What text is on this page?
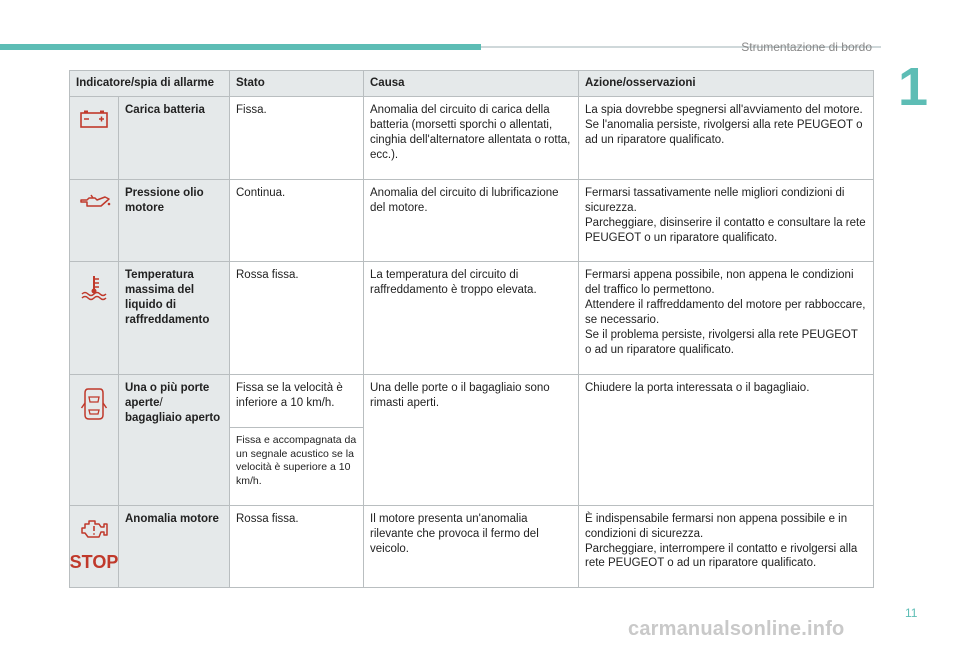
Strumentazione di bordo
1
Indicatore/spia di allarme		Stato	Causa	Azione/osservazioni

	Carica batteria	Fissa.	Anomalia del circuito di carica della batteria (morsetti sporchi o allentati, cinghia dell'alternatore allentata o rotta, ecc.).	La spia dovrebbe spegnersi all'avviamento del motore.
Se l'anomalia persiste, rivolgersi alla rete PEUGEOT o ad un riparatore qualificato.

	Pressione olio motore	Continua.	Anomalia del circuito di lubrificazione del motore.	Fermarsi tassativamente nelle migliori condizioni di sicurezza.
Parcheggiare, disinserire il contatto e consultare la rete PEUGEOT o un riparatore qualificato.

	Temperatura massima del liquido di raffreddamento	Rossa fissa.	La temperatura del circuito di raffreddamento è troppo elevata.	Fermarsi appena possibile, non appena le condizioni del traffico lo permettono.
Attendere il raffreddamento del motore per rabboccare, se necessario.
Se il problema persiste, rivolgersi alla rete PEUGEOT o ad un riparatore qualificato.

	Una o più porte aperte/
bagagliaio aperto	Fissa se la velocità è inferiore a 10 km/h.	Una delle porte o il bagagliaio sono rimasti aperti.	Chiudere la porta interessata o il bagagliaio.
		Fissa e accompagnata da un segnale acustico se la velocità è superiore a 10 km/h.		

STOP	Anomalia motore	Rossa fissa.	Il motore presenta un'anomalia rilevante che provoca il fermo del veicolo.	È indispensabile fermarsi non appena possibile e in condizioni di sicurezza.
Parcheggiare, interrompere il contatto e rivolgersi alla rete PEUGEOT o ad un riparatore qualificato.
11
carmanualsonline.info
